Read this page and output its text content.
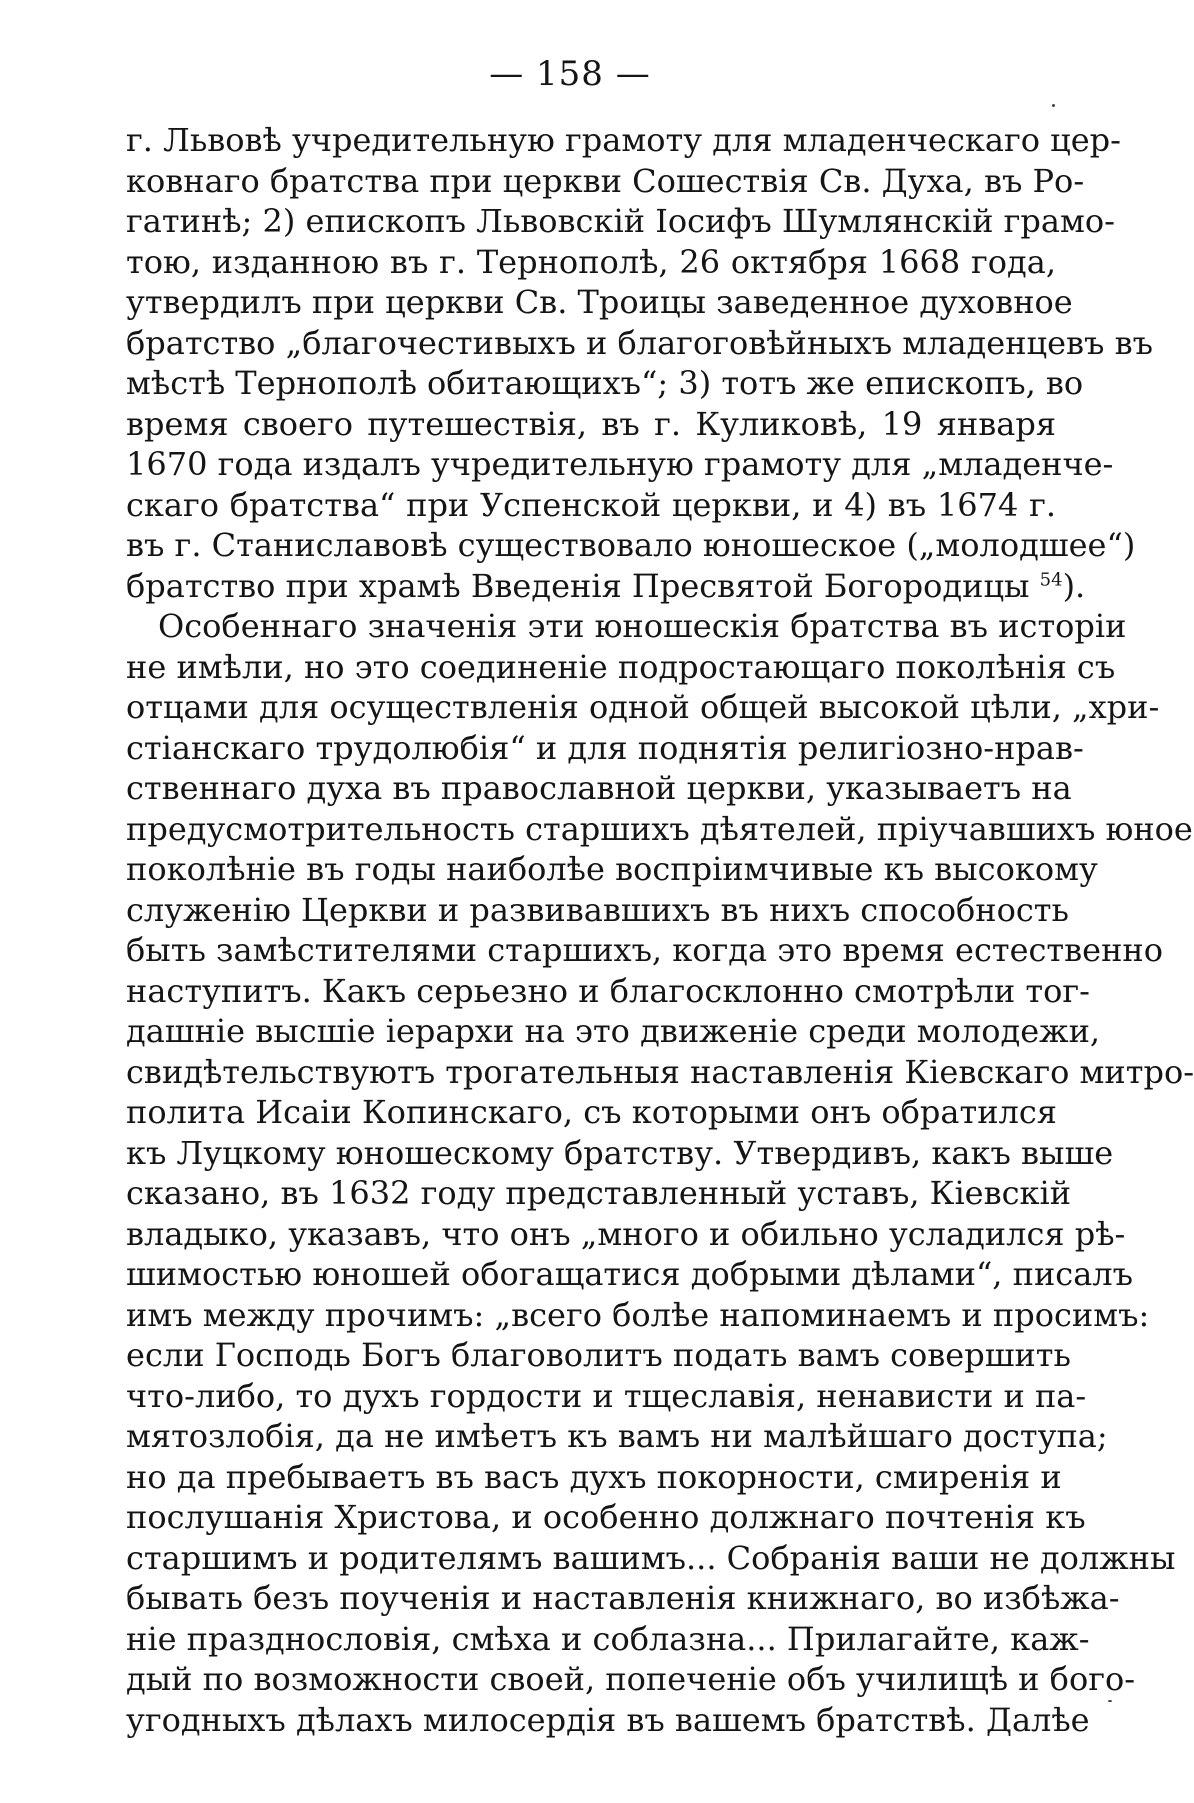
— 158 —
г. Львовѣ учредительную грамоту для младенческаго цер-
ковнаго братства при церкви Сошествія Св. Духа, въ Ро-
гатинѣ; 2) епископъ Львовскій Іосифъ Шумлянскій грамо-
тою, изданною въ г. Тернополѣ, 26 октября 1668 года,
утвердилъ при церкви Св. Троицы заведенное духовное
братство „благочестивыхъ и благоговѣйныхъ младенцевъ въ
мѣстѣ Тернополѣ обитающихъ“; 3) тотъ же епископъ, во
время своего путешествія, въ г. Куликовѣ, 19 января
1670 года издалъ учредительную грамоту для „младенче-
скаго братства“ при Успенской церкви, и 4) въ 1674 г.
въ г. Станиславовѣ существовало юношеское („молодшее“)
братство при храмѣ Введенія Пресвятой Богородицы $^{54}$).
Особеннаго значенія эти юношескія братства въ исторіи
не имѣли, но это соединеніе подростающаго поколѣнія съ
отцами для осуществленія одной общей высокой цѣли, „хри-
стіанскаго трудолюбія“ и для поднятія религіозно-нрав-
ственнаго духа въ православной церкви, указываетъ на
предусмотрительность старшихъ дѣятелей, пріучавшихъ юное
поколѣніе въ годы наиболѣе воспріимчивые къ высокому
служенію Церкви и развивавшихъ въ нихъ способность
быть замѣстителями старшихъ, когда это время естественно
наступитъ. Какъ серьезно и благосклонно смотрѣли тог-
дашніе высшіе іерархи на это движеніе среди молодежи,
свидѣтельствуютъ трогательныя наставленія Кіевскаго митро-
полита Исаіи Копинскаго, съ которыми онъ обратился
къ Луцкому юношескому братству. Утвердивъ, какъ выше
сказано, въ 1632 году представленный уставъ, Кіевскій
владыко, указавъ, что онъ „много и обильно усладился рѣ-
шимостью юношей обогащатися добрыми дѣлами“, писалъ
имъ между прочимъ: „всего болѣе напоминаемъ и просимъ:
если Господь Богъ благоволитъ подать вамъ совершить
что-либо, то духъ гордости и тщеславія, ненависти и па-
мятозлобія, да не имѣетъ къ вамъ ни малѣйшаго доступа;
но да пребываетъ въ васъ духъ покорности, смиренія и
послушанія Христова, и особенно должнаго почтенія къ
старшимъ и родителямъ вашимъ... Собранія ваши не должны
бывать безъ поученія и наставленія книжнаго, во избѣжа-
ніе празднословія, смѣха и соблазна... Прилагайте, каж-
дый по возможности своей, попеченіе объ училищѣ и бого-
угодныхъ дѣлахъ милосердія въ вашемъ братствѣ. Далѣе
